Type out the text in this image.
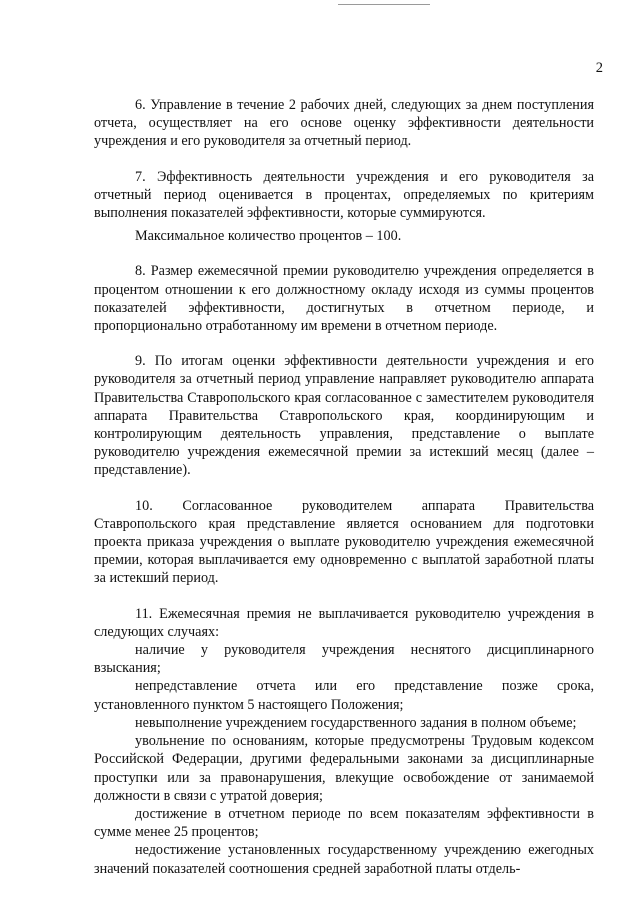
2

6. Управление в течение 2 рабочих дней, следующих за днем поступления отчета, осуществляет на его основе оценку эффективности деятельности учреждения и его руководителя за отчетный период.

7. Эффективность деятельности учреждения и его руководителя за отчетный период оценивается в процентах, определяемых по критериям выполнения показателей эффективности, которые суммируются.

Максимальное количество процентов – 100.

8. Размер ежемесячной премии руководителю учреждения определяется в процентом отношении к его должностному окладу исходя из суммы процентов показателей эффективности, достигнутых в отчетном периоде, и пропорционально отработанному им времени в отчетном периоде.

9. По итогам оценки эффективности деятельности учреждения и его руководителя за отчетный период управление направляет руководителю аппарата Правительства Ставропольского края согласованное с заместителем руководителя аппарата Правительства Ставропольского края, координирующим и контролирующим деятельность управления, представление о выплате руководителю учреждения ежемесячной премии за истекший месяц (далее – представление).

10. Согласованное руководителем аппарата Правительства Ставропольского края представление является основанием для подготовки проекта приказа учреждения о выплате руководителю учреждения ежемесячной премии, которая выплачивается ему одновременно с выплатой заработной платы за истекший период.

11. Ежемесячная премия не выплачивается руководителю учреждения в следующих случаях:

наличие у руководителя учреждения неснятого дисциплинарного взыскания;

непредставление отчета или его представление позже срока, установленного пунктом 5 настоящего Положения;

невыполнение учреждением государственного задания в полном объеме;

увольнение по основаниям, которые предусмотрены Трудовым кодексом Российской Федерации, другими федеральными законами за дисциплинарные проступки или за правонарушения, влекущие освобождение от занимаемой должности в связи с утратой доверия;

достижение в отчетном периоде по всем показателям эффективности в сумме менее 25 процентов;

недостижение установленных государственному учреждению ежегодных значений показателей соотношения средней заработной платы отдель-
